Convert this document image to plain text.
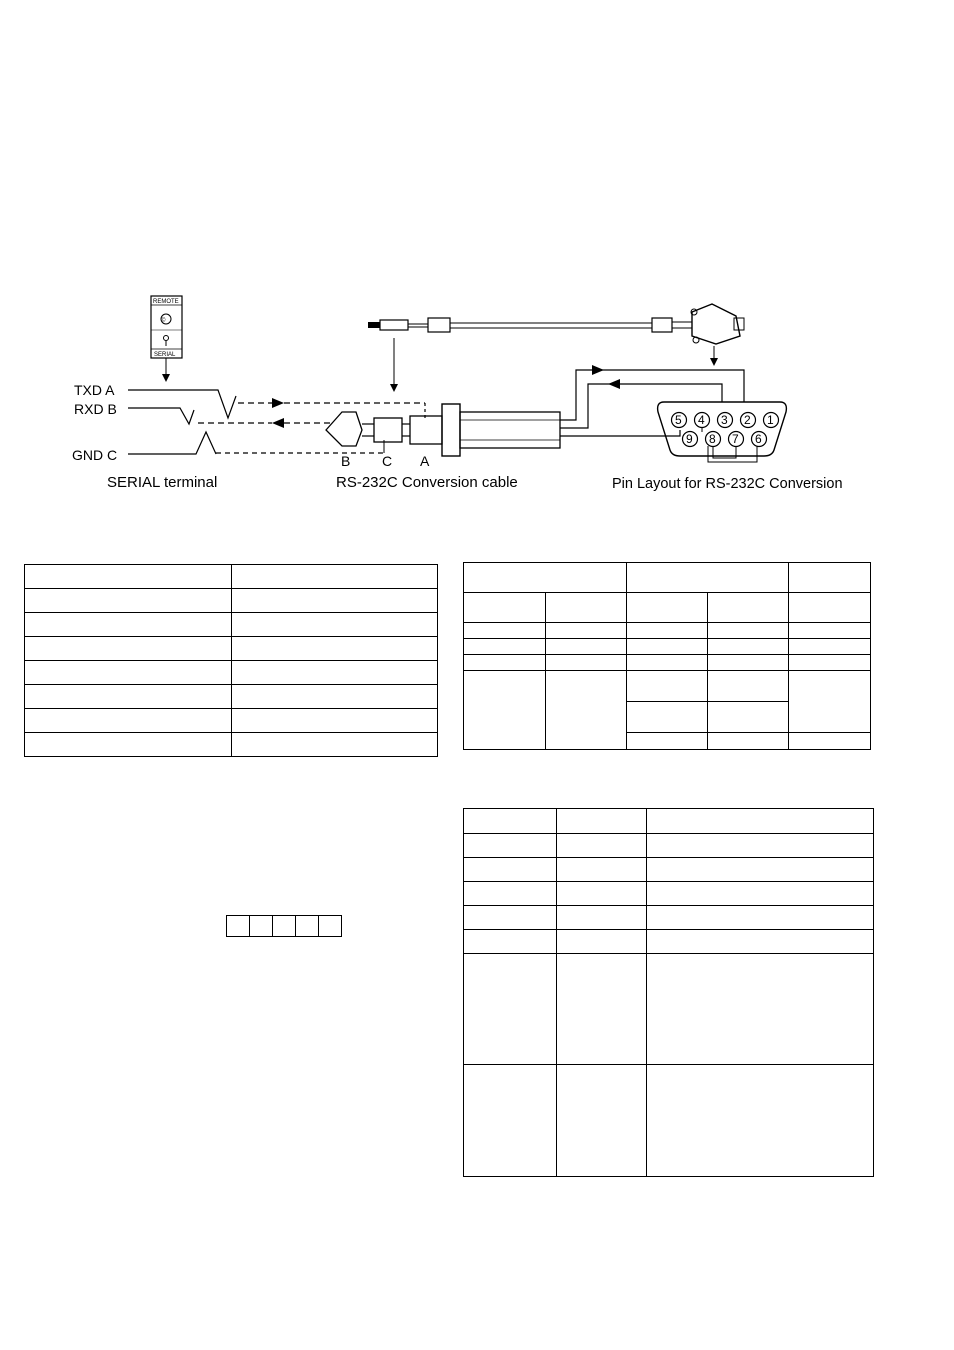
TXD A
RXD B
GND C
REMOTE
©
SERIAL
B C A
5 4 3 2 1
9 8 7 6
SERIAL terminal	RS-232C Conversion cable	Pin Layout for RS-232C Conversion
